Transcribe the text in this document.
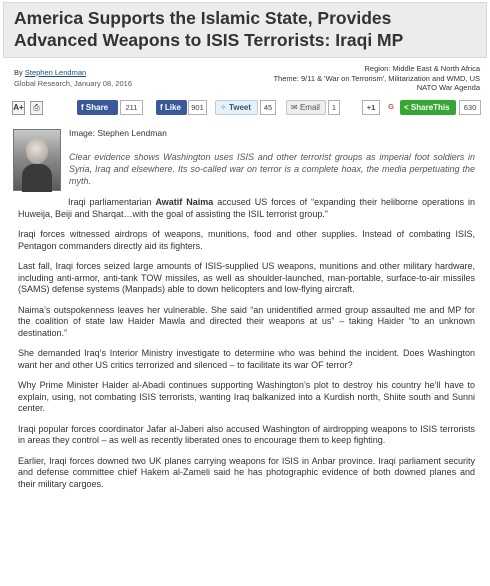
America Supports the Islamic State, Provides Advanced Weapons to ISIS Terrorists: Iraqi MP
By Stephen Lendman
Global Research, January 08, 2016
Region: Middle East & North Africa
Theme: 9/11 & 'War on Terrorism', Militarization and WMD, US
NATO War Agenda
A+	⎙	f Share	211	f Like	901	✧ Tweet	45	✉ Email	1	+1	G	< ShareThis	630
Image: Stephen Lendman
Clear evidence shows Washington uses ISIS and other terrorist groups as imperial foot soldiers in Syria, Iraq and elsewhere. Its so-called war on terror is a complete hoax, the media perpetuating the myth.

Iraqi parliamentarian Awatif Naima accused US forces of “expanding their heliborne operations in Huweija, Beiji and Sharqat…with the goal of assisting the ISIL terrorist group.”

Iraqi forces witnessed airdrops of weapons, munitions, food and other supplies. Instead of combating ISIS, Pentagon commanders directly aid its fighters.

Last fall, Iraqi forces seized large amounts of ISIS-supplied US weapons, munitions and other military hardware, including anti-armor, anti-tank TOW missiles, as well as shoulder-launched, man-portable, surface-to-air missiles (SAMS) defense systems (Manpads) able to down helicopters and low-flying aircraft.

Naima’s outspokenness leaves her vulnerable. She said “an unidentified armed group assaulted me and MP for the coalition of state law Haider Mawla and directed their weapons at us” – taking Haider “to an unknown destination.”

She demanded Iraq’s Interior Ministry investigate to determine who was behind the incident. Does Washington want her and other US critics terrorized and silenced – to facilitate its war OF terror?

Why Prime Minister Haider al-Abadi continues supporting Washington’s plot to destroy his country he’ll have to explain, using, not combating ISIS terrorists, wanting Iraq balkanized into a Kurdish north, Shiite south and Sunni center.

Iraqi popular forces coordinator Jafar al-Jaberi also accused Washington of airdropping weapons to ISIS terrorists in areas they control – as well as recently liberated ones to encourage them to keep fighting.

Earlier, Iraqi forces downed two UK planes carrying weapons for ISIS in Anbar province. Iraqi parliament security and defense committee chief Hakem al-Zameli said he has photographic evidence of both downed planes and their military cargoes.
